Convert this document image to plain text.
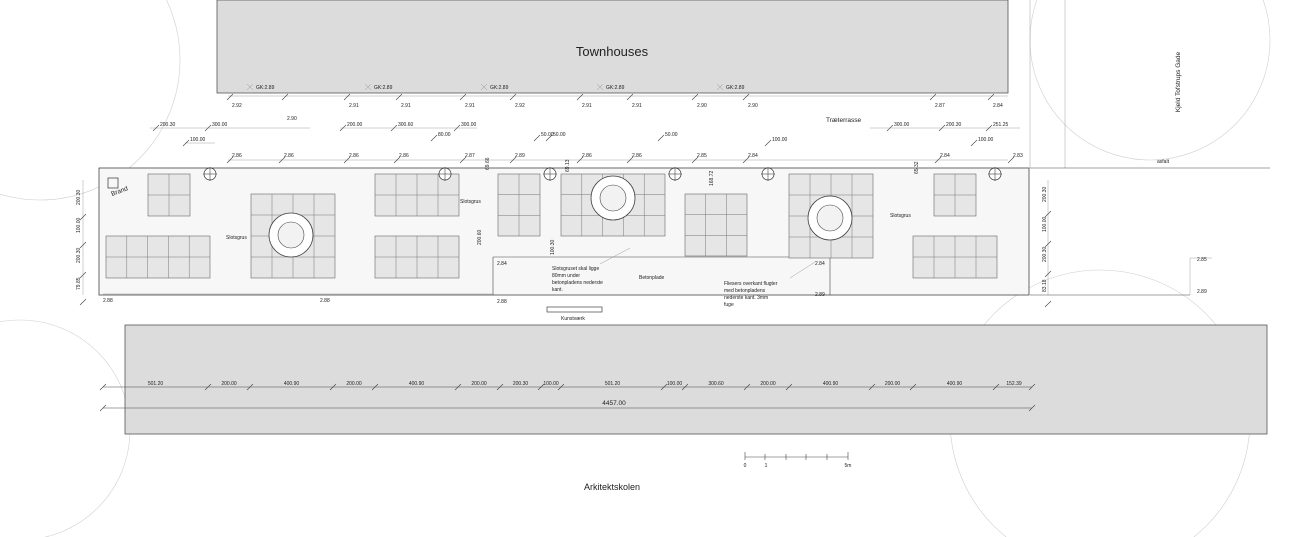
Townhouses
Arkitektskolen
Kjeld Tofstrups Gade
asfalt
Brand
Slotsgrus
Slotsgrus
Slotsgrus
Betonplade
Træterrasse
Slotsgruset skal ligge
80mm under
betonpladens nederste
kant.
Fliesers overkant flugter
med betonpladens
nederste kant. 3mm
fuge
Kunstværk
GK:2.89	GK:2.89	GK:2.89	GK:2.89	GK:2.89
2.92
2.90
2.91	2.91	2.91	2.92	2.91	2.91	2.90	2.90	2.87	2.84
2.86	2.86	2.86	2.86	2.87	2.89	2.86	2.86	2.85	2.84	2.84	2.83
200.30	300.00
100.00
200.00	300.60
80.00
300.00
50.00 50.00	50.00
100.00
300.00	200.30	251.25
100.00
69.66	69.13
168.72
65.32
200.60
100.30
200.30
100.00
200.30
79.85
200.30
100.00
200.30
83.18
2.88	2.88	2.88
2.84	2.84
2.89
2.85
2.89
501.20	200.00	400.90	200.00	400.90	200.00	200.30	100.00	501.20	100.00	300.60	200.00	400.90	200.00	400.90	152.39
4457.00
0	1	5m
